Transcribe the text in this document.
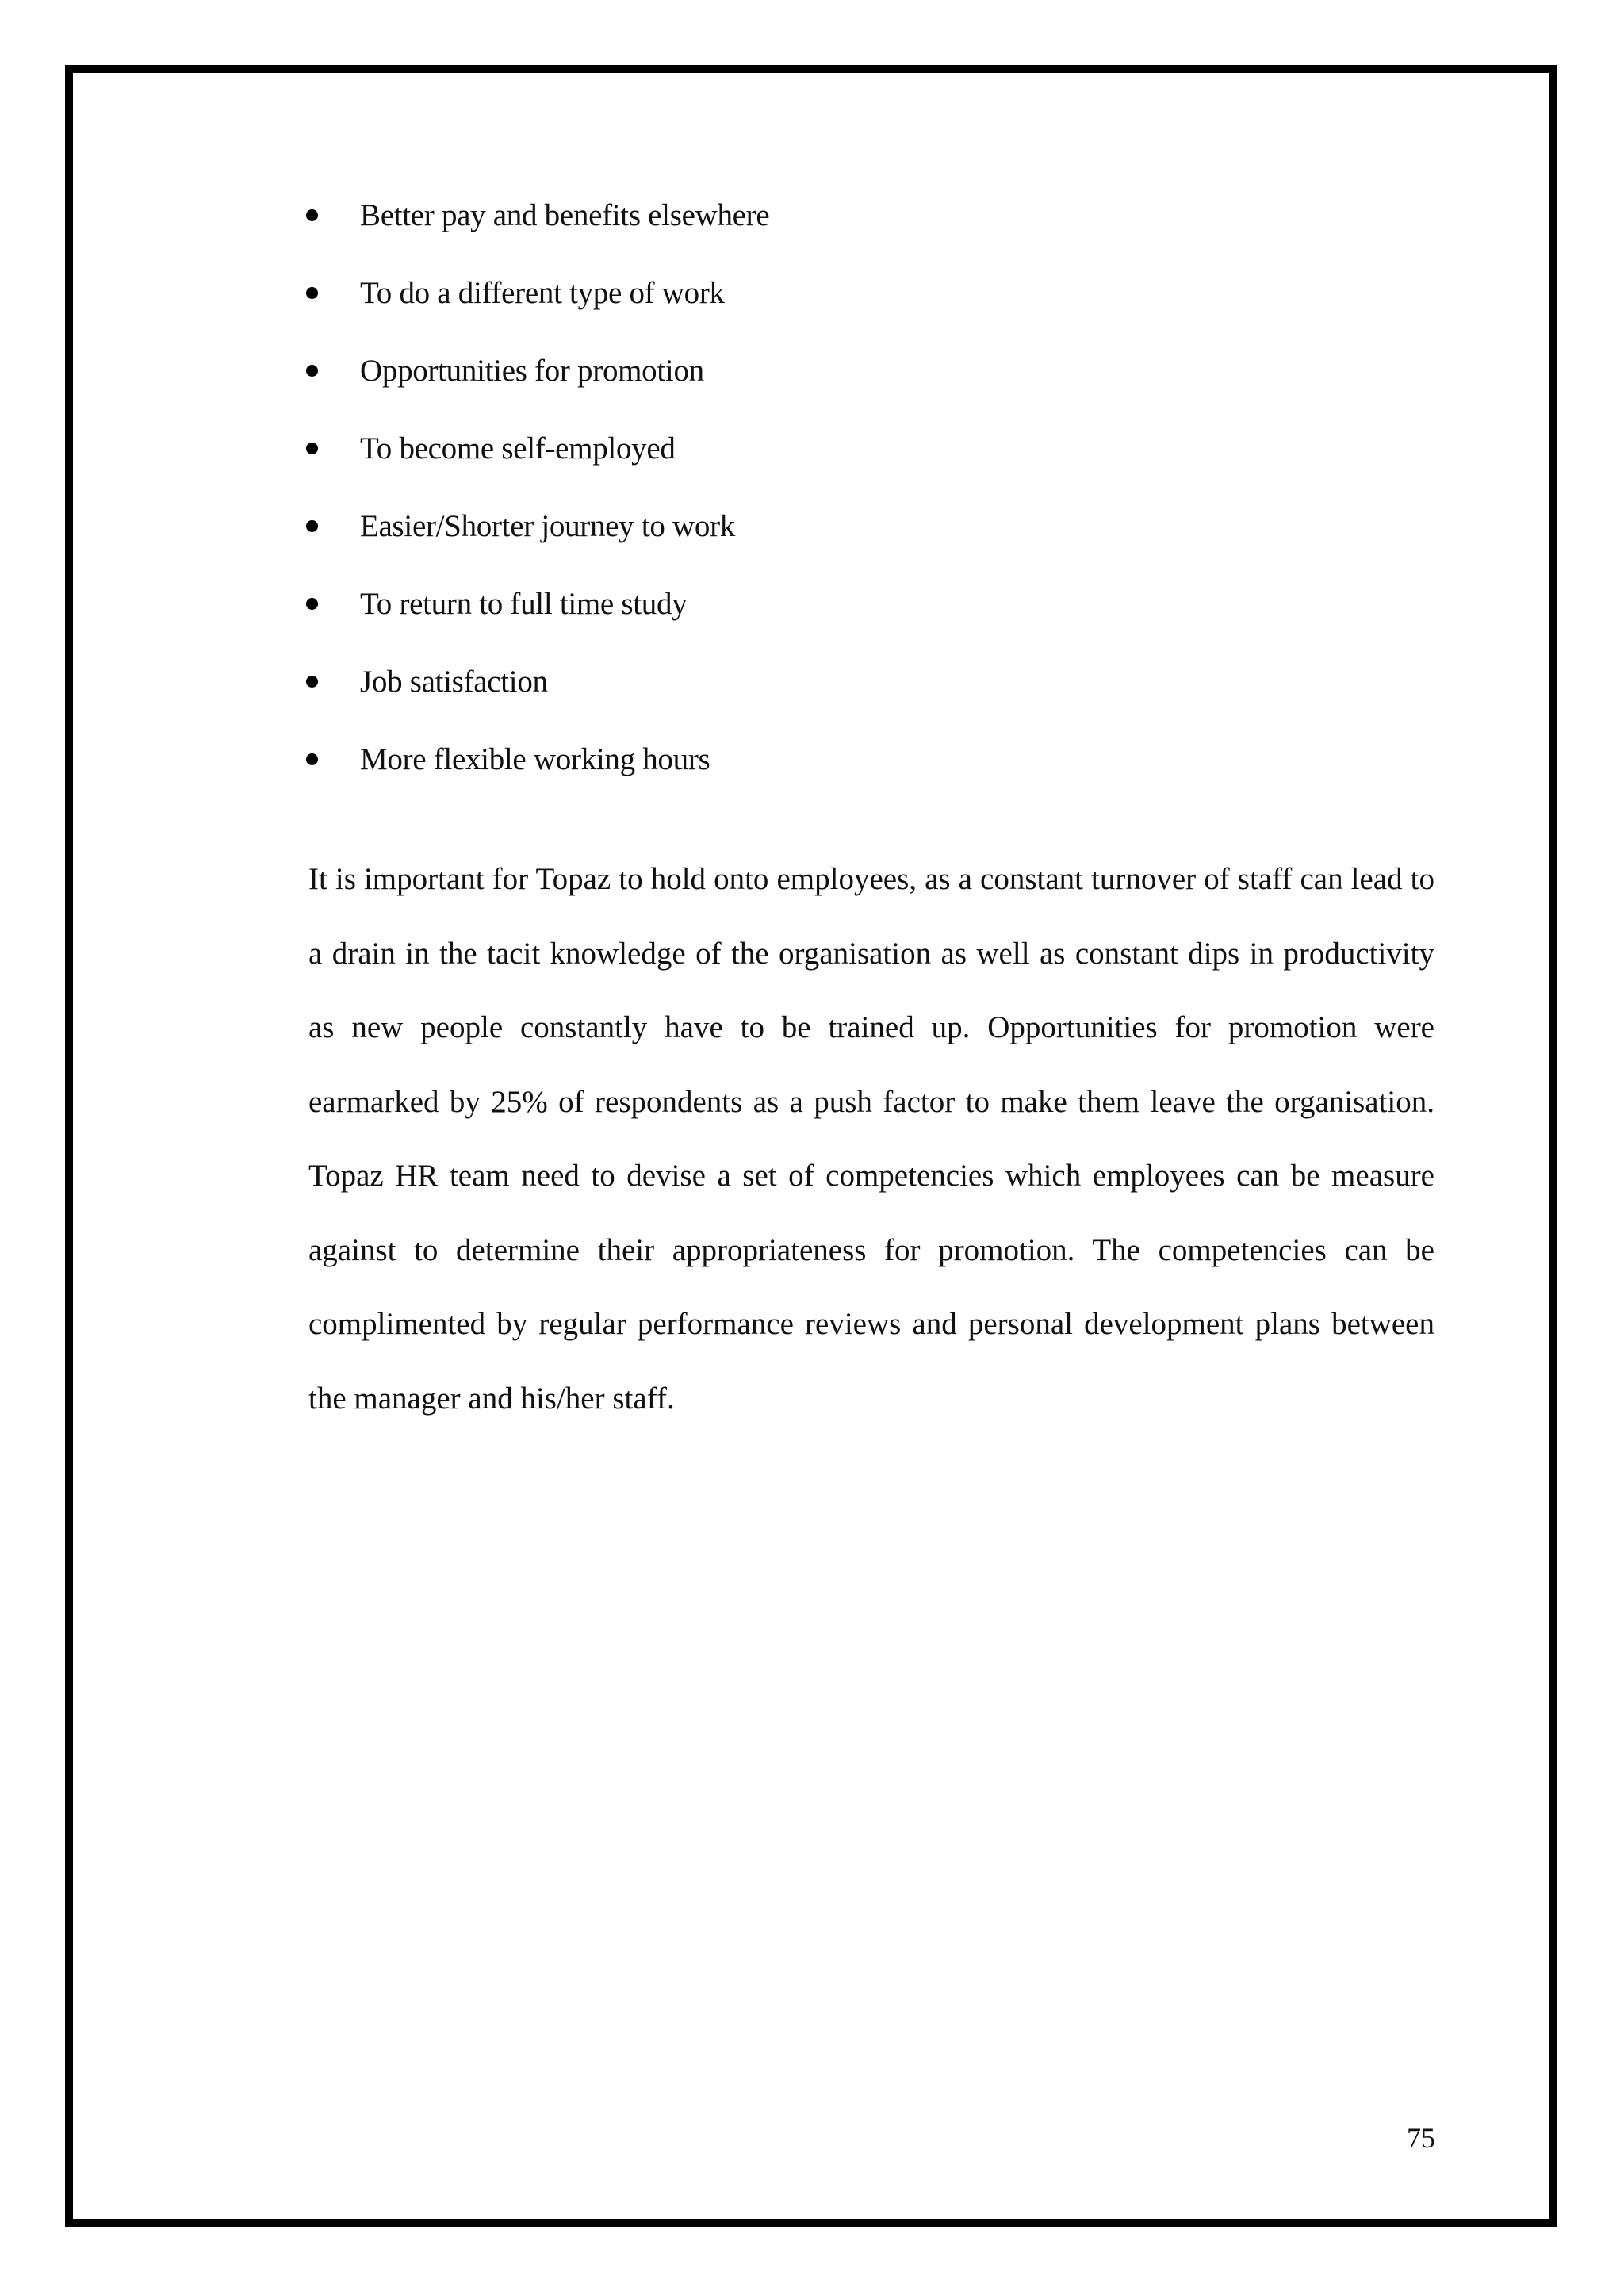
Better pay and benefits elsewhere
To do a different type of work
Opportunities for promotion
To become self-employed
Easier/Shorter journey to work
To return to full time study
Job satisfaction
More flexible working hours

It is important for Topaz to hold onto employees, as a constant turnover of staff can lead to a drain in the tacit knowledge of the organisation as well as constant dips in productivity as new people constantly have to be trained up. Opportunities for promotion were earmarked by 25% of respondents as a push factor to make them leave the organisation. Topaz HR team need to devise a set of competencies which employees can be measure against to determine their appropriateness for promotion. The competencies can be complimented by regular performance reviews and personal development plans between the manager and his/her staff.

75
